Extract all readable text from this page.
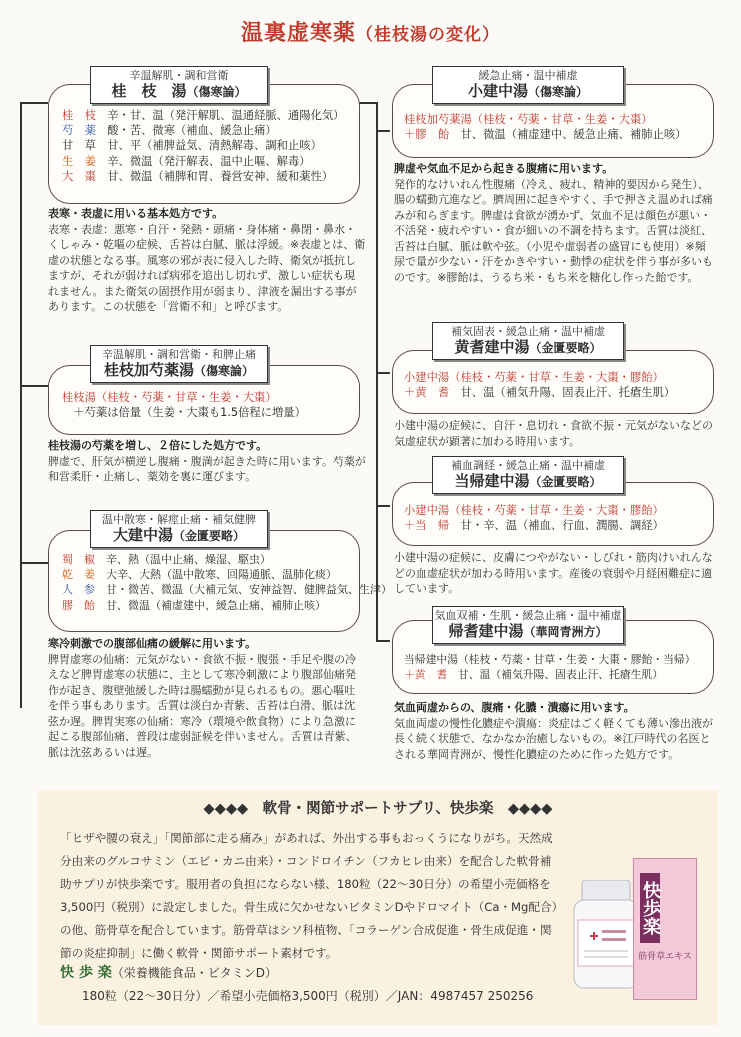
温裏虚寒薬（桂枝湯の変化）
辛温解肌・調和営衛
桂　枝　湯（傷寒論）
桂　枝　 辛・甘、温（発汗解肌、温通経脈、通陽化気）
芍　薬　 酸・苦、微寒（補血、緩急止痛）
甘　草　 甘、平（補脾益気、清熱解毒、調和止咳）
生　姜　 辛、微温（発汗解表、温中止嘔、解毒）
大　棗　 甘、微温（補脾和胃、養営安神、緩和薬性）
表寒・表虚に用いる基本処方です。
表寒・表虚：悪寒・自汗・発熱・頭痛・身体痛・鼻閉・鼻水・くしゃみ・乾嘔の症候、舌苔は白膩、脈は浮緩。※表虚とは、衛虚の状態となる事。風寒の邪が表に侵入した時、衛気が抵抗しますが、それが弱ければ病邪を追出し切れず、激しい症状も現れません。また衛気の固摂作用が弱まり、津液を漏出する事があります。この状態を「営衛不和」と呼びます。
辛温解肌・調和営衛・和脾止痛
桂枝加芍薬湯（傷寒論）
桂枝湯（桂枝・芍薬・甘草・生姜・大棗）
　＋芍薬は倍量（生姜・大棗も1.5倍程に増量）
桂枝湯の芍薬を増し、２倍にした処方です。
脾虚で、肝気が横逆し腹痛・腹満が起きた時に用います。芍薬が和営柔肝・止痛し、薬効を裏に運びます。
温中散寒・解痙止痛・補気健脾
大建中湯（金匱要略）
蜀　椒　 辛、熱（温中止痛、燥湿、駆虫）
乾　姜　 大辛、大熱（温中散寒、回陽通脈、温肺化痰）
人　参　 甘・微苦、微温（大補元気、安神益智、健脾益気、生津）
膠　飴　 甘、微温（補虚建中、緩急止痛、補肺止咳）
寒冷刺激での腹部仙痛の緩解に用います。
脾胃虚寒の仙痛：元気がない・食欲不振・腹張・手足や腹の冷えなど脾胃虚寒の状態に、主として寒冷刺激により腹部仙痛発作が起き、腹壁弛緩した時は腸蠕動が見られるもの。悪心嘔吐を伴う事もあります。舌質は淡白か青紫、舌苔は白滑、脈は沈弦か遅。脾胃実寒の仙痛：寒冷（環境や飲食物）により急激に起こる腹部仙痛、普段は虚弱証候を伴いません。舌質は青紫、脈は沈弦あるいは遅。
緩急止痛・温中補虚
小建中湯（傷寒論）
桂枝加芍薬湯（桂枝・芍薬・甘草・生姜・大棗）
＋膠　飴　 甘、微温（補虚建中、緩急止痛、補肺止咳）
脾虚や気血不足から起きる腹痛に用います。
発作的なけいれん性腹痛（冷え、疲れ、精神的要因から発生）、腸の蠕動亢進など。臍周囲に起きやすく、手で押さえ温めれば痛みが和らぎます。脾虚は食欲が湧かず、気血不足は顔色が悪い・不活発・疲れやすい・食が細いの不調を持ちます。舌質は淡紅、舌苔は白膩、脈は軟や弦。（小児や虚弱者の盛冒にも使用）※頻尿で量が少ない・汗をかきやすい・動悸の症状を伴う事が多いものです。※膠飴は、うるち米・もち米を糖化し作った飴です。
補気固表・緩急止痛・温中補虚
黄耆建中湯（金匱要略）
小建中湯（桂枝・芍薬・甘草・生姜・大棗・膠飴）
＋黄　耆　 甘、温（補気升陽、固表止汗、托瘡生肌）
小建中湯の症候に、自汗・息切れ・食欲不振・元気がないなどの気虚症状が顕著に加わる時用います。
補血調経・緩急止痛・温中補虚
当帰建中湯（金匱要略）
小建中湯（桂枝・芍薬・甘草・生姜・大棗・膠飴）
＋当　帰　 甘・辛、温（補血、行血、潤腸、調経）
小建中湯の症候に、皮膚につやがない・しびれ・筋肉けいれんなどの血虚症状が加わる時用います。産後の衰弱や月経困難症に適しています。
気血双補・生肌・緩急止痛・温中補虚
帰耆建中湯（華岡青洲方）
当帰建中湯（桂枝・芍薬・甘草・生姜・大棗・膠飴・当帰）
＋黄　耆　 甘、温（補気升陽、固表止汗、托瘡生肌）
気血両虚からの、腹痛・化膿・潰瘍に用います。
気血両虚の慢性化膿症や潰瘍：炎症はごく軽くても薄い滲出液が長く続く状態で、なかなか治癒しないもの。※江戸時代の名医とされる華岡青洲が、慢性化膿症のために作った処方です。
◆◆◆◆　軟骨・関節サポートサプリ、快歩楽　◆◆◆◆
「ヒザや腰の衰え」「関節部に走る痛み」があれば、外出する事もおっくうになりがち。天然成分由来のグルコサミン（エビ・カニ由来）・コンドロイチン（フカヒレ由来）を配合した軟骨補助サプリが快歩楽です。服用者の負担にならない様、180粒（22～30日分）の希望小売価格を3,500円（税別）に設定しました。骨生成に欠かせないビタミンDやドロマイト（Ca・Mg配合）の他、筋骨草を配合しています。筋骨草はシソ科植物、「コラーゲン合成促進・骨生成促進・関節の炎症抑制」に働く軟骨・関節サポート素材です。
快 歩 楽（栄養機能食品・ビタミンD）
180粒（22～30日分）／希望小売価格3,500円（税別）／JAN：4987457 250256
快歩楽
筋骨草エキス
